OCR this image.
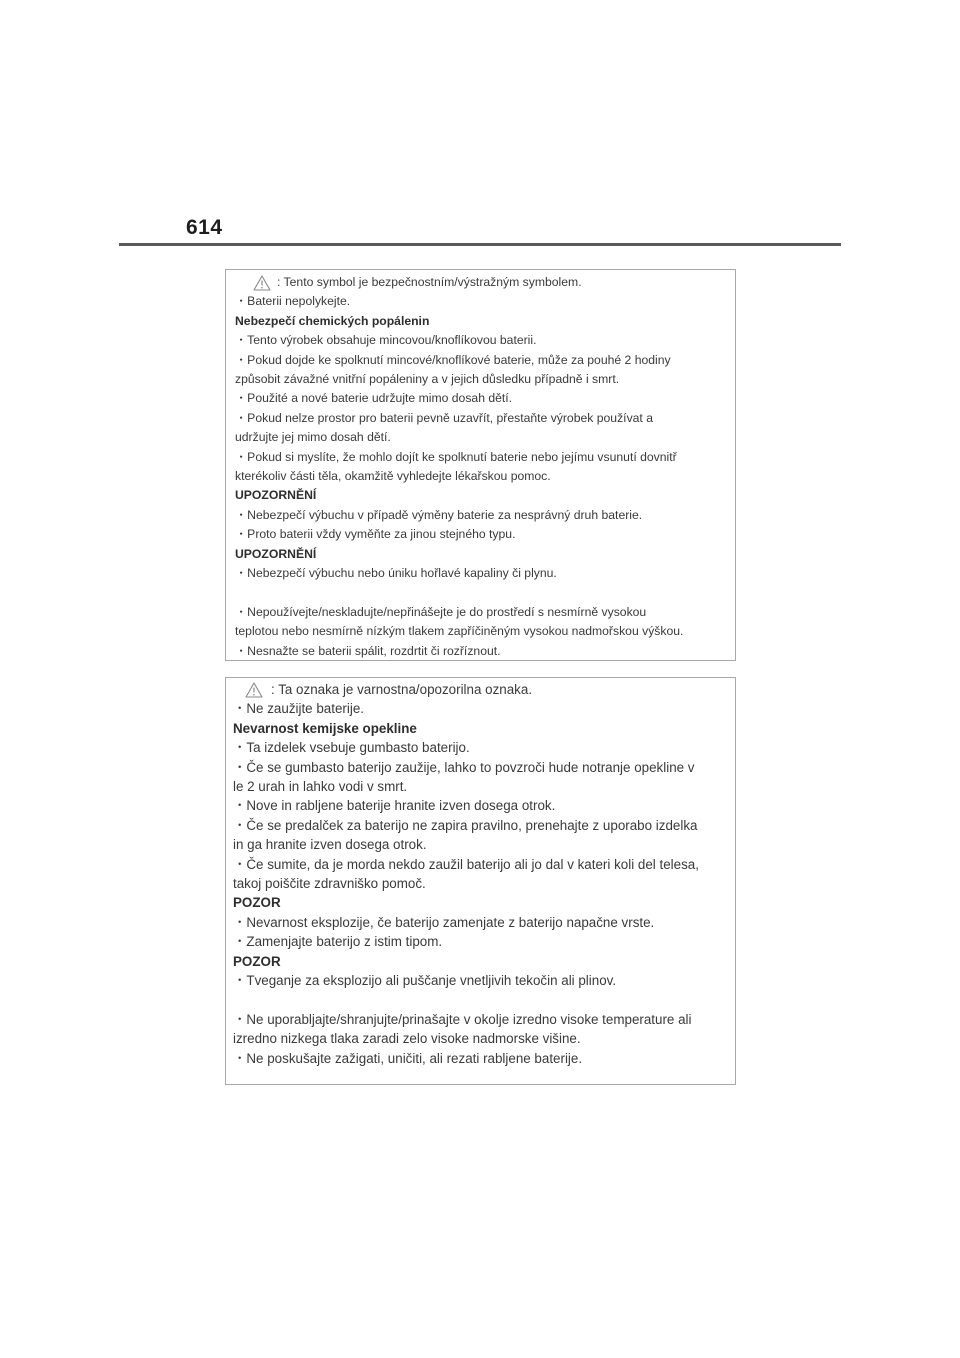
614
: Tento symbol je bezpečnostním/výstražným symbolem.
・Baterii nepolykejte.
Nebezpečí chemických popálenin
・Tento výrobek obsahuje mincovou/knoflíkovou baterii.
・Pokud dojde ke spolknutí mincové/knoflíkové baterie, může za pouhé 2 hodiny
způsobit závažné vnitřní popáleniny a v jejich důsledku případně i smrt.
・Použité a nové baterie udržujte mimo dosah dětí.
・Pokud nelze prostor pro baterii pevně uzavřít, přestaňte výrobek používat a
udržujte jej mimo dosah dětí.
・Pokud si myslíte, že mohlo dojít ke spolknutí baterie nebo jejímu vsunutí dovnitř
kterékoliv části těla, okamžitě vyhledejte lékařskou pomoc.
UPOZORNĚNÍ
・Nebezpečí výbuchu v případě výměny baterie za nesprávný druh baterie.
・Proto baterii vždy vyměňte za jinou stejného typu.
UPOZORNĚNÍ
・Nebezpečí výbuchu nebo úniku hořlavé kapaliny či plynu.
・Nepoužívejte/neskladujte/nepřinášejte je do prostředí s nesmírně vysokou
teplotou nebo nesmírně nízkým tlakem zapříčiněným vysokou nadmořskou výškou.
・Nesnažte se baterii spálit, rozdrtit či rozříznout.
: Ta oznaka je varnostna/opozorilna oznaka.
・Ne zaužijte baterije.
Nevarnost kemijske opekline
・Ta izdelek vsebuje gumbasto baterijo.
・Če se gumbasto baterijo zaužije, lahko to povzroči hude notranje opekline v
le 2 urah in lahko vodi v smrt.
・Nove in rabljene baterije hranite izven dosega otrok.
・Če se predalček za baterijo ne zapira pravilno, prenehajte z uporabo izdelka
in ga hranite izven dosega otrok.
・Če sumite, da je morda nekdo zaužil baterijo ali jo dal v kateri koli del telesa,
takoj poiščite zdravniško pomoč.
POZOR
・Nevarnost eksplozije, če baterijo zamenjate z baterijo napačne vrste.
・Zamenjajte baterijo z istim tipom.
POZOR
・Tveganje za eksplozijo ali puščanje vnetljivih tekočin ali plinov.
・Ne uporabljajte/shranjujte/prinašajte v okolje izredno visoke temperature ali
izredno nizkega tlaka zaradi zelo visoke nadmorske višine.
・Ne poskušajte zažigati, uničiti, ali rezati rabljene baterije.
